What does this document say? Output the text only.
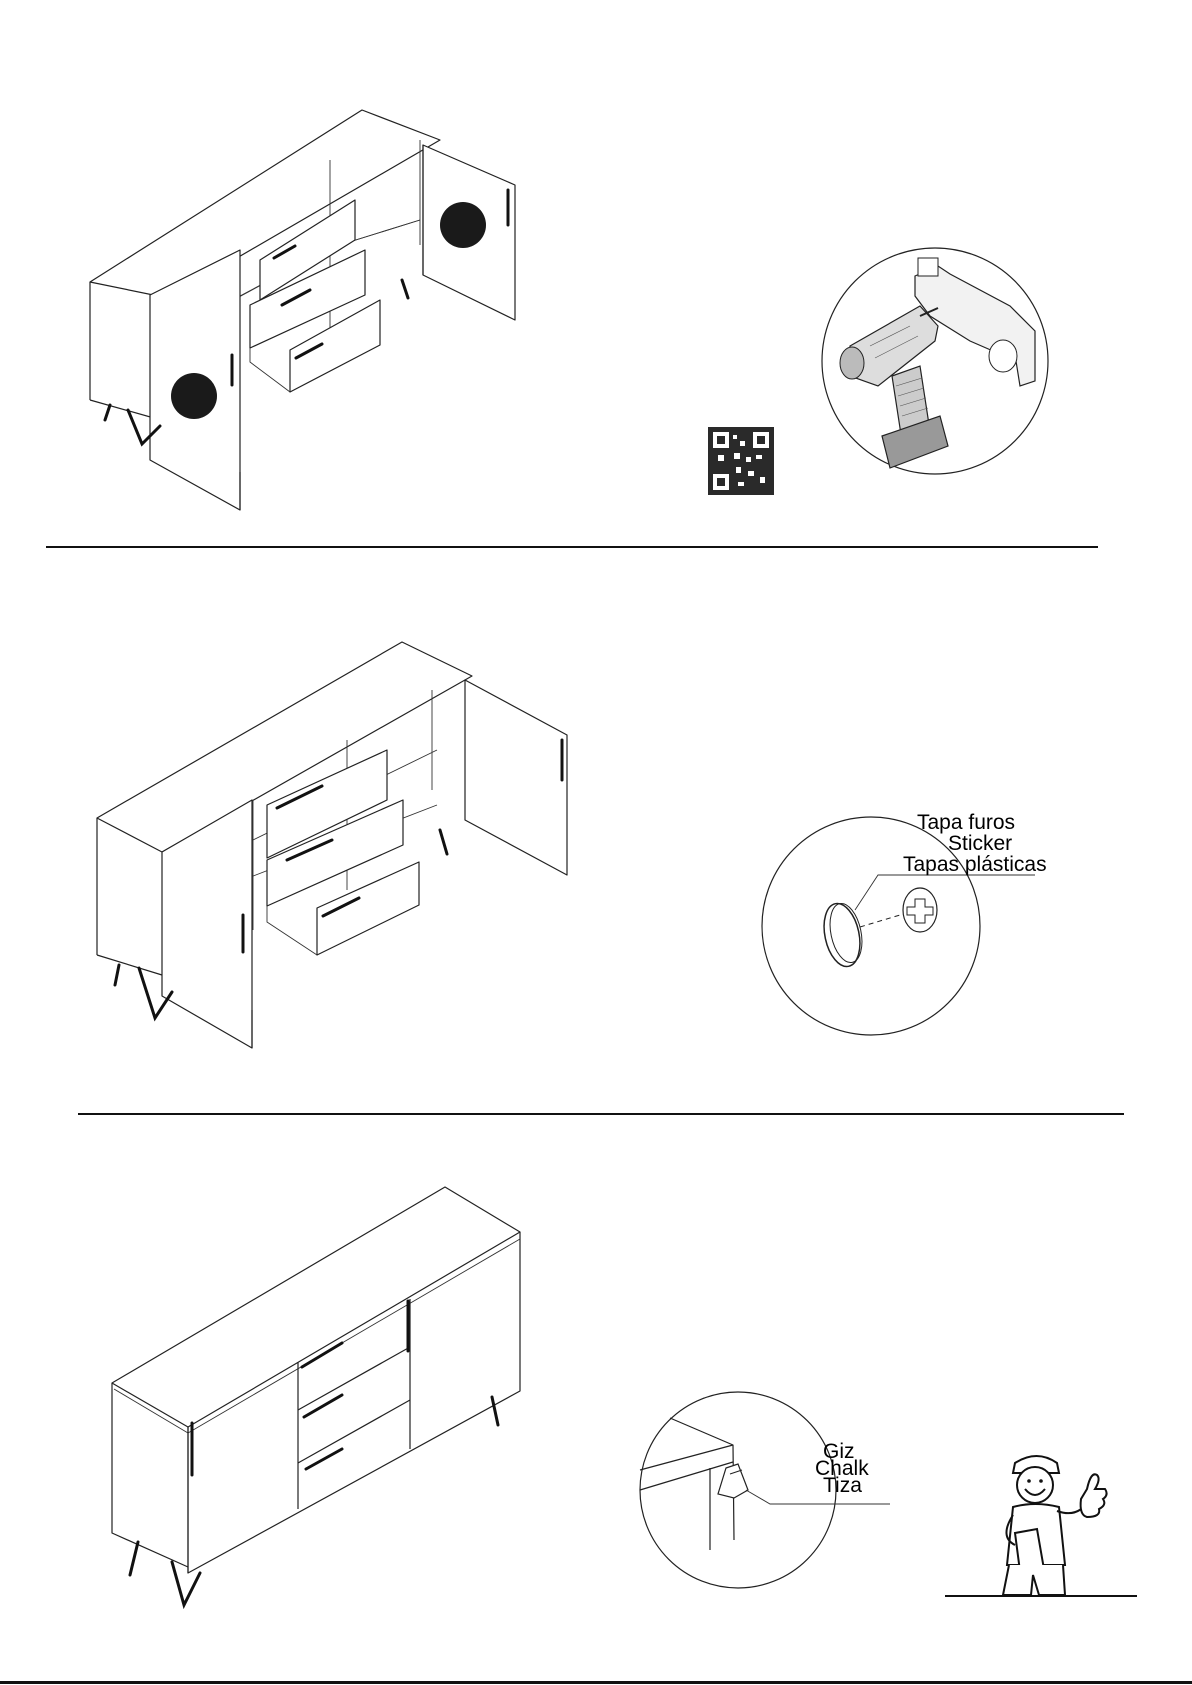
Tapa furos
Sticker
Tapas plásticas
Giz
Chalk
Tiza
